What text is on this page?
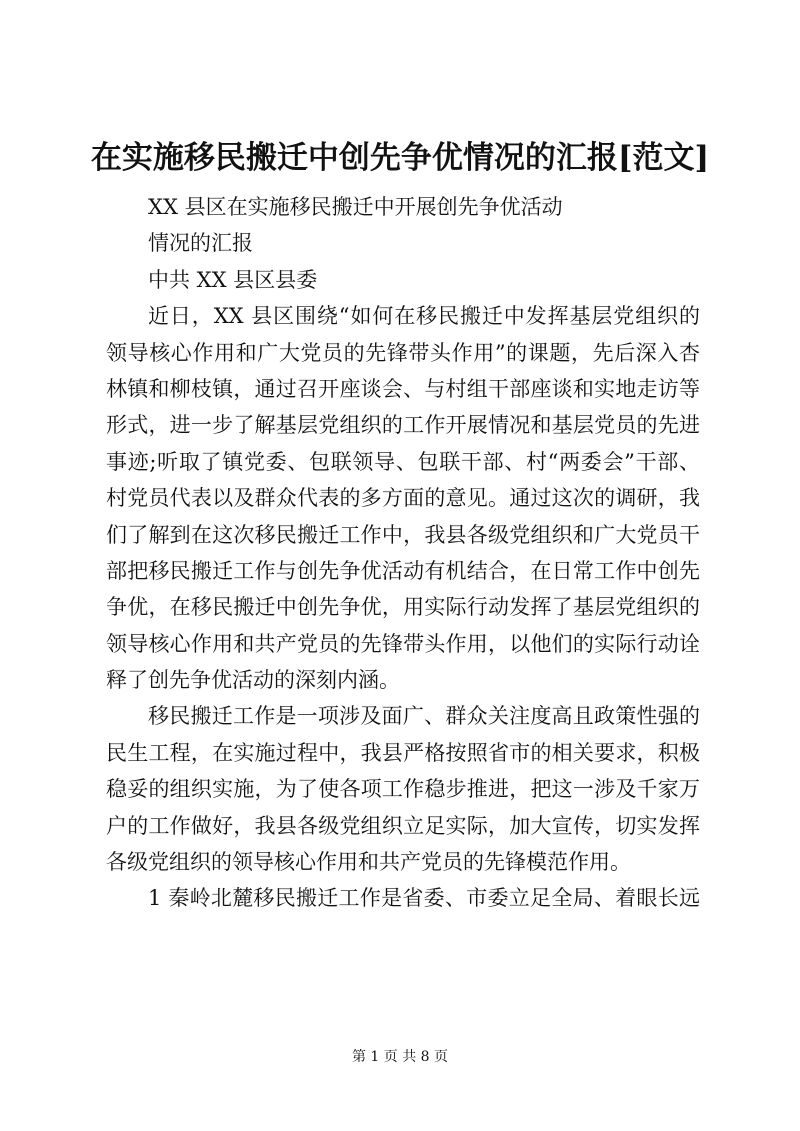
在实施移民搬迁中创先争优情况的汇报[范文]
XX 县区在实施移民搬迁中开展创先争优活动
情况的汇报
中共 XX 县区县委
近日，XX 县区围绕“如何在移民搬迁中发挥基层党组织的
领导核心作用和广大党员的先锋带头作用”的课题，先后深入杏
林镇和柳枝镇，通过召开座谈会、与村组干部座谈和实地走访等
形式，进一步了解基层党组织的工作开展情况和基层党员的先进
事迹;听取了镇党委、包联领导、包联干部、村“两委会”干部、
村党员代表以及群众代表的多方面的意见。通过这次的调研，我
们了解到在这次移民搬迁工作中，我县各级党组织和广大党员干
部把移民搬迁工作与创先争优活动有机结合，在日常工作中创先
争优，在移民搬迁中创先争优，用实际行动发挥了基层党组织的
领导核心作用和共产党员的先锋带头作用，以他们的实际行动诠
释了创先争优活动的深刻内涵。
移民搬迁工作是一项涉及面广、群众关注度高且政策性强的
民生工程，在实施过程中，我县严格按照省市的相关要求，积极
稳妥的组织实施，为了使各项工作稳步推进，把这一涉及千家万
户的工作做好，我县各级党组织立足实际，加大宣传，切实发挥
各级党组织的领导核心作用和共产党员的先锋模范作用。
1 秦岭北麓移民搬迁工作是省委、市委立足全局、着眼长远
第 1 页 共 8 页
